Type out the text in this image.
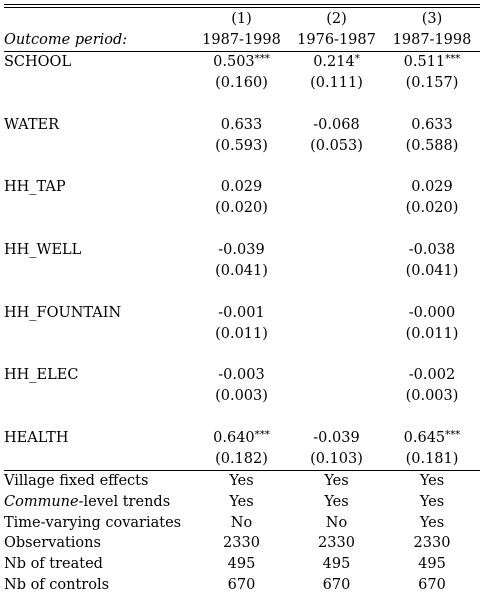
	(1)	(2)	(3)
Outcome period:	1987-1998	1976-1987	1987-1998
SCHOOL	0.503***	0.214*	0.511***
	(0.160)	(0.111)	(0.157)

WATER	0.633	-0.068	0.633
	(0.593)	(0.053)	(0.588)

HH_TAP	0.029		0.029
	(0.020)		(0.020)

HH_WELL	-0.039		-0.038
	(0.041)		(0.041)

HH_FOUNTAIN	-0.001		-0.000
	(0.011)		(0.011)

HH_ELEC	-0.003		-0.002
	(0.003)		(0.003)

HEALTH	0.640***	-0.039	0.645***
	(0.182)	(0.103)	(0.181)
Village fixed effects	Yes	Yes	Yes
Commune-level trends	Yes	Yes	Yes
Time-varying covariates	No	No	Yes
Observations	2330	2330	2330
Nb of treated	495	495	495
Nb of controls	670	670	670
